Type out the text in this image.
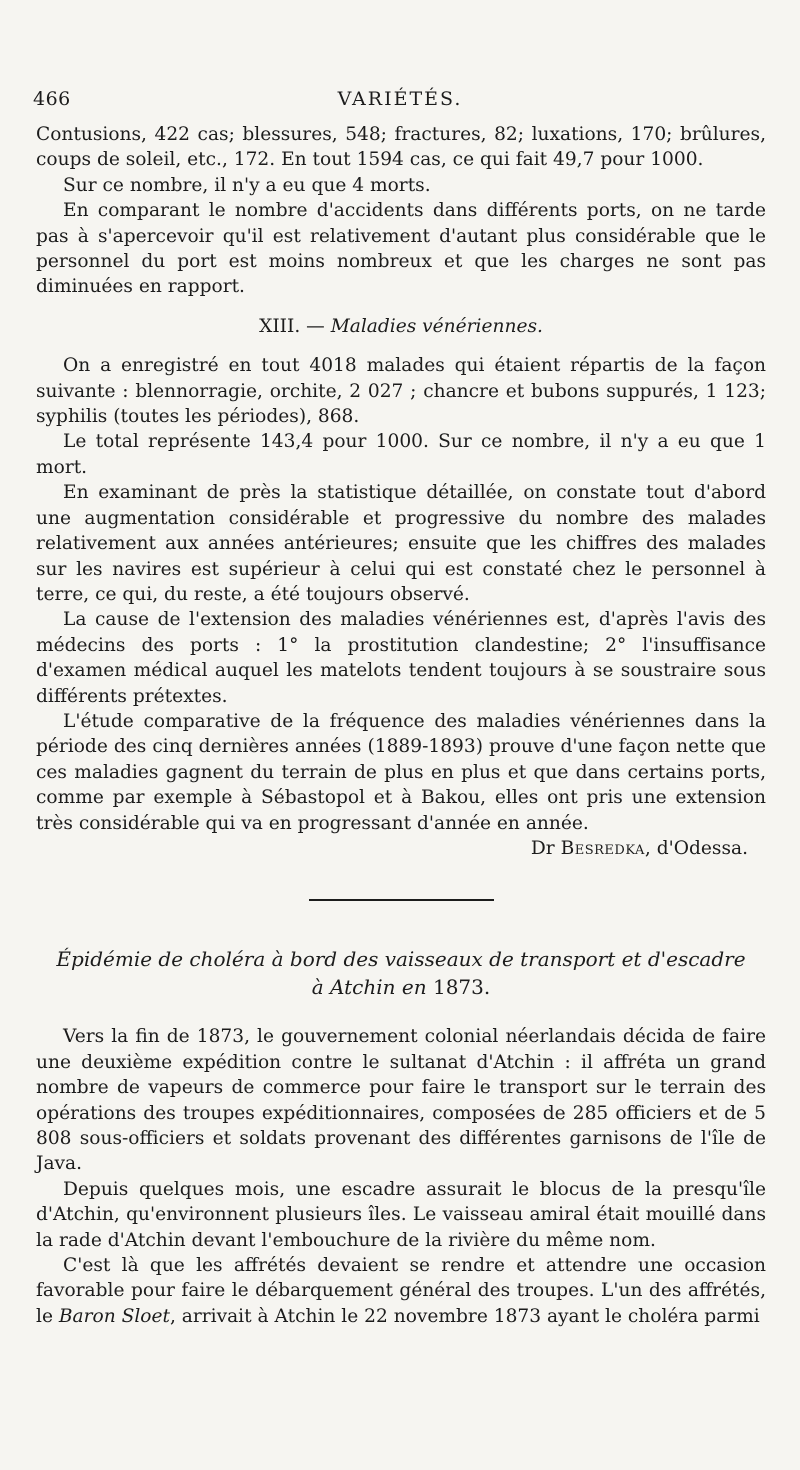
466	VARIÉTÉS.

Contusions, 422 cas; blessures, 548; fractures, 82; luxations, 170; brûlures, coups de soleil, etc., 172. En tout 1594 cas, ce qui fait 49,7 pour 1000.

Sur ce nombre, il n'y a eu que 4 morts.

En comparant le nombre d'accidents dans différents ports, on ne tarde pas à s'apercevoir qu'il est relativement d'autant plus considérable que le personnel du port est moins nombreux et que les charges ne sont pas diminuées en rapport.

XIII. — Maladies vénériennes.

On a enregistré en tout 4018 malades qui étaient répartis de la façon suivante : blennorragie, orchite, 2 027 ; chancre et bubons suppurés, 1 123; syphilis (toutes les périodes), 868.

Le total représente 143,4 pour 1000. Sur ce nombre, il n'y a eu que 1 mort.

En examinant de près la statistique détaillée, on constate tout d'abord une augmentation considérable et progressive du nombre des malades relativement aux années antérieures; ensuite que les chiffres des malades sur les navires est supérieur à celui qui est constaté chez le personnel à terre, ce qui, du reste, a été toujours observé.

La cause de l'extension des maladies vénériennes est, d'après l'avis des médecins des ports : 1° la prostitution clandestine; 2° l'insuffisance d'examen médical auquel les matelots tendent toujours à se soustraire sous différents prétextes.

L'étude comparative de la fréquence des maladies vénériennes dans la période des cinq dernières années (1889-1893) prouve d'une façon nette que ces maladies gagnent du terrain de plus en plus et que dans certains ports, comme par exemple à Sébastopol et à Bakou, elles ont pris une extension très considérable qui va en progressant d'année en année.

Dr Besredka, d'Odessa.

Épidémie de choléra à bord des vaisseaux de transport et d'escadre
à Atchin en 1873.

Vers la fin de 1873, le gouvernement colonial néerlandais décida de faire une deuxième expédition contre le sultanat d'Atchin : il affréta un grand nombre de vapeurs de commerce pour faire le transport sur le terrain des opérations des troupes expéditionnaires, composées de 285 officiers et de 5 808 sous-officiers et soldats provenant des différentes garnisons de l'île de Java.

Depuis quelques mois, une escadre assurait le blocus de la presqu'île d'Atchin, qu'environnent plusieurs îles. Le vaisseau amiral était mouillé dans la rade d'Atchin devant l'embouchure de la rivière du même nom.

C'est là que les affrétés devaient se rendre et attendre une occasion favorable pour faire le débarquement général des troupes. L'un des affrétés, le Baron Sloet, arrivait à Atchin le 22 novembre 1873 ayant le choléra parmi
